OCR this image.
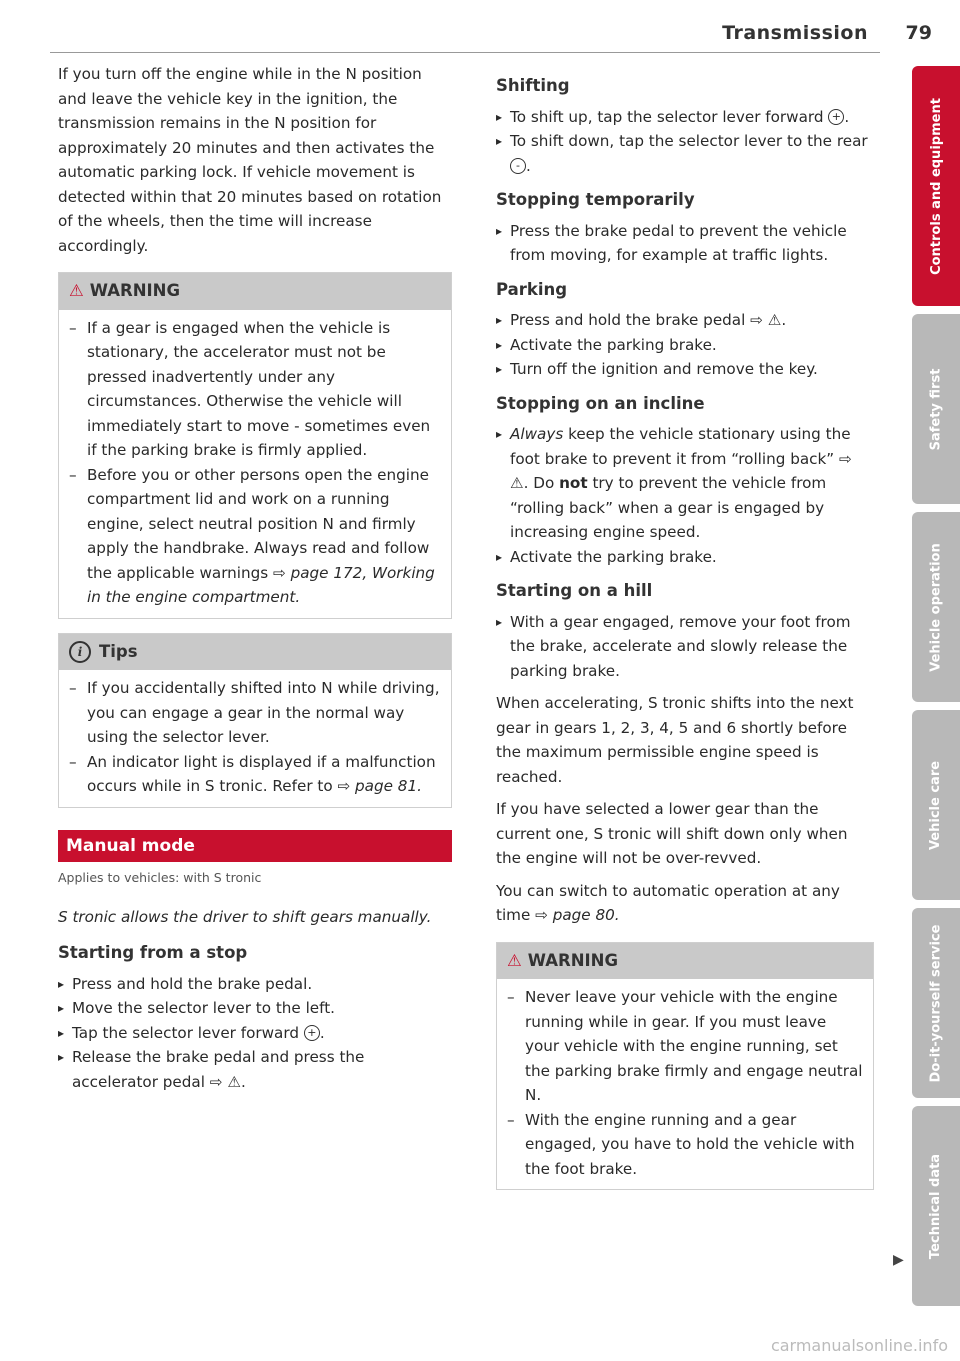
Transmission 79

If you turn off the engine while in the N position and leave the vehicle key in the ignition, the transmission remains in the N position for approximately 20 minutes and then activates the automatic parking lock. If vehicle movement is detected within that 20 minutes based on rotation of the wheels, then the time will increase accordingly.

⚠ WARNING
– If a gear is engaged when the vehicle is stationary, the accelerator must not be pressed inadvertently under any circumstances. Otherwise the vehicle will immediately start to move - sometimes even if the parking brake is firmly applied.
– Before you or other persons open the engine compartment lid and work on a running engine, select neutral position N and firmly apply the handbrake. Always read and follow the applicable warnings ⇨ page 172, Working in the engine compartment.
i Tips
– If you accidentally shifted into N while driving, you can engage a gear in the normal way using the selector lever.
– An indicator light is displayed if a malfunction occurs while in S tronic. Refer to ⇨ page 81.
Manual mode
Applies to vehicles: with S tronic

S tronic allows the driver to shift gears manually.

Starting from a stop
▸ Press and hold the brake pedal.
▸ Move the selector lever to the left.
▸ Tap the selector lever forward + .
▸ Release the brake pedal and press the accelerator pedal ⇨ ⚠.
Shifting
▸ To shift up, tap the selector lever forward + .
▸ To shift down, tap the selector lever to the rear - .
Stopping temporarily
▸ Press the brake pedal to prevent the vehicle from moving, for example at traffic lights.
Parking
▸ Press and hold the brake pedal ⇨ ⚠.
▸ Activate the parking brake.
▸ Turn off the ignition and remove the key.
Stopping on an incline
▸ Always keep the vehicle stationary using the foot brake to prevent it from “rolling back” ⇨ ⚠. Do not try to prevent the vehicle from “rolling back” when a gear is engaged by increasing engine speed.
▸ Activate the parking brake.
Starting on a hill
▸ With a gear engaged, remove your foot from the brake, accelerate and slowly release the parking brake.

When accelerating, S tronic shifts into the next gear in gears 1, 2, 3, 4, 5 and 6 shortly before the maximum permissible engine speed is reached.

If you have selected a lower gear than the current one, S tronic will shift down only when the engine will not be over-revved.

You can switch to automatic operation at any time ⇨ page 80.

⚠ WARNING
– Never leave your vehicle with the engine running while in gear. If you must leave your vehicle with the engine running, set the parking brake firmly and engage neutral N.
– With the engine running and a gear engaged, you have to hold the vehicle with the foot brake.
▶
Controls and equipment
Safety first
Vehicle operation
Vehicle care
Do-it-yourself service
Technical data
carmanualsonline.info
